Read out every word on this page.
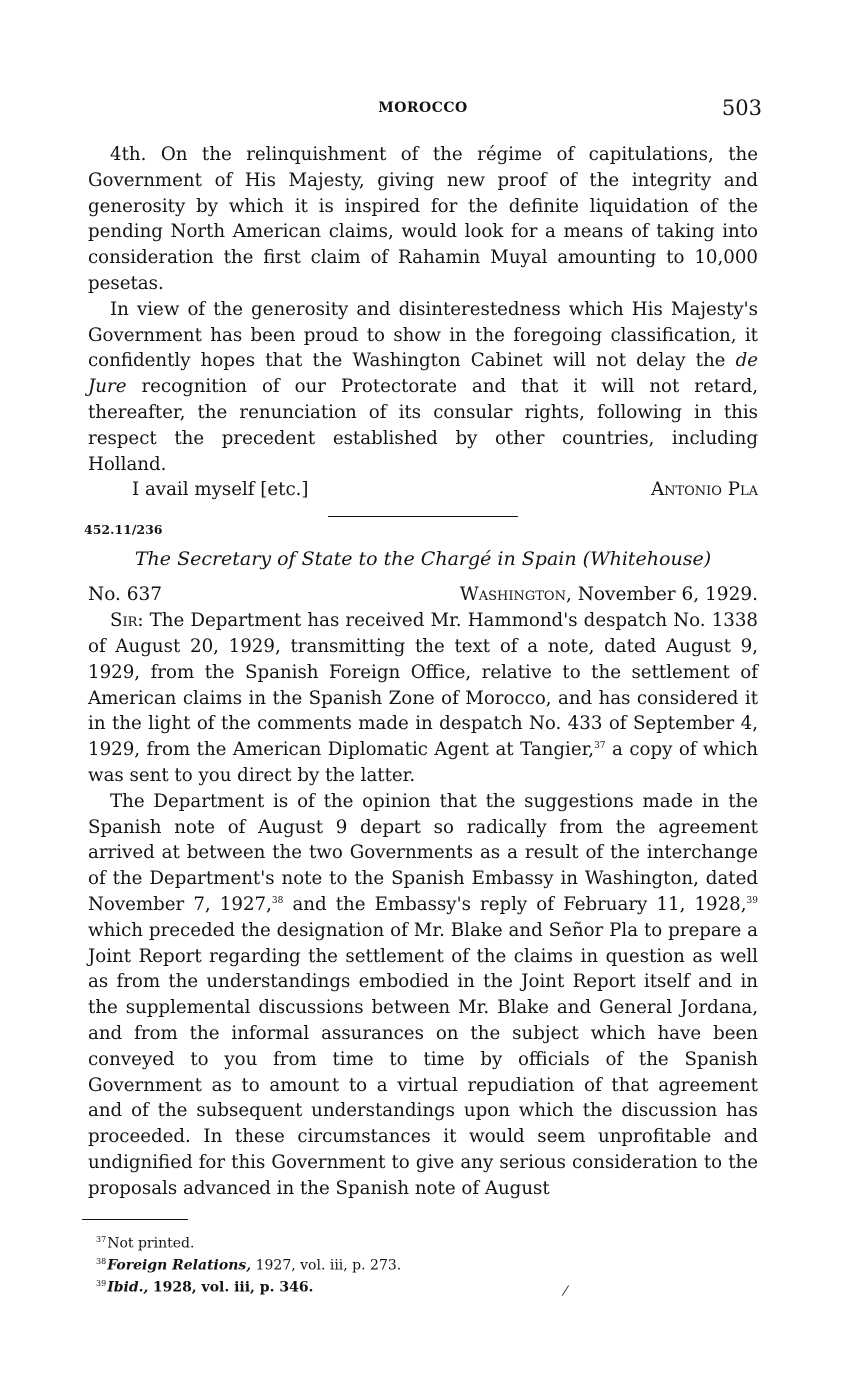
MOROCCO	503

4th. On the relinquishment of the régime of capitulations, the Government of His Majesty, giving new proof of the integrity and generosity by which it is inspired for the definite liquidation of the pending North American claims, would look for a means of taking into consideration the first claim of Rahamin Muyal amounting to 10,000 pesetas.

In view of the generosity and disinterestedness which His Majesty's Government has been proud to show in the foregoing classification, it confidently hopes that the Washington Cabinet will not delay the de Jure recognition of our Protectorate and that it will not retard, thereafter, the renunciation of its consular rights, following in this respect the precedent established by other countries, including Holland.

I avail myself [etc.]	Antonio Pla
452.11/236
The Secretary of State to the Chargé in Spain (Whitehouse)
No. 637	Washington, November 6, 1929.

Sir: The Department has received Mr. Hammond's despatch No. 1338 of August 20, 1929, transmitting the text of a note, dated August 9, 1929, from the Spanish Foreign Office, relative to the settlement of American claims in the Spanish Zone of Morocco, and has considered it in the light of the comments made in despatch No. 433 of September 4, 1929, from the American Diplomatic Agent at Tangier,$^{37}$ a copy of which was sent to you direct by the latter.

The Department is of the opinion that the suggestions made in the Spanish note of August 9 depart so radically from the agreement arrived at between the two Governments as a result of the interchange of the Department's note to the Spanish Embassy in Washington, dated November 7, 1927,38 and the Embassy's reply of February 11, 1928,39 which preceded the designation of Mr. Blake and Señor Pla to prepare a Joint Report regarding the settlement of the claims in question as well as from the understandings embodied in the Joint Report itself and in the supplemental discussions between Mr. Blake and General Jordana, and from the informal assurances on the subject which have been conveyed to you from time to time by officials of the Spanish Government as to amount to a virtual repudiation of that agreement and of the subsequent understandings upon which the discussion has proceeded. In these circumstances it would seem unprofitable and undignified for this Government to give any serious consideration to the proposals advanced in the Spanish note of August

$^{37}$Not printed.
$^{38}$Foreign Relations, 1927, vol. iii, p. 273.
$^{39}$Ibid., 1928, vol. iii, p. 346.	/
